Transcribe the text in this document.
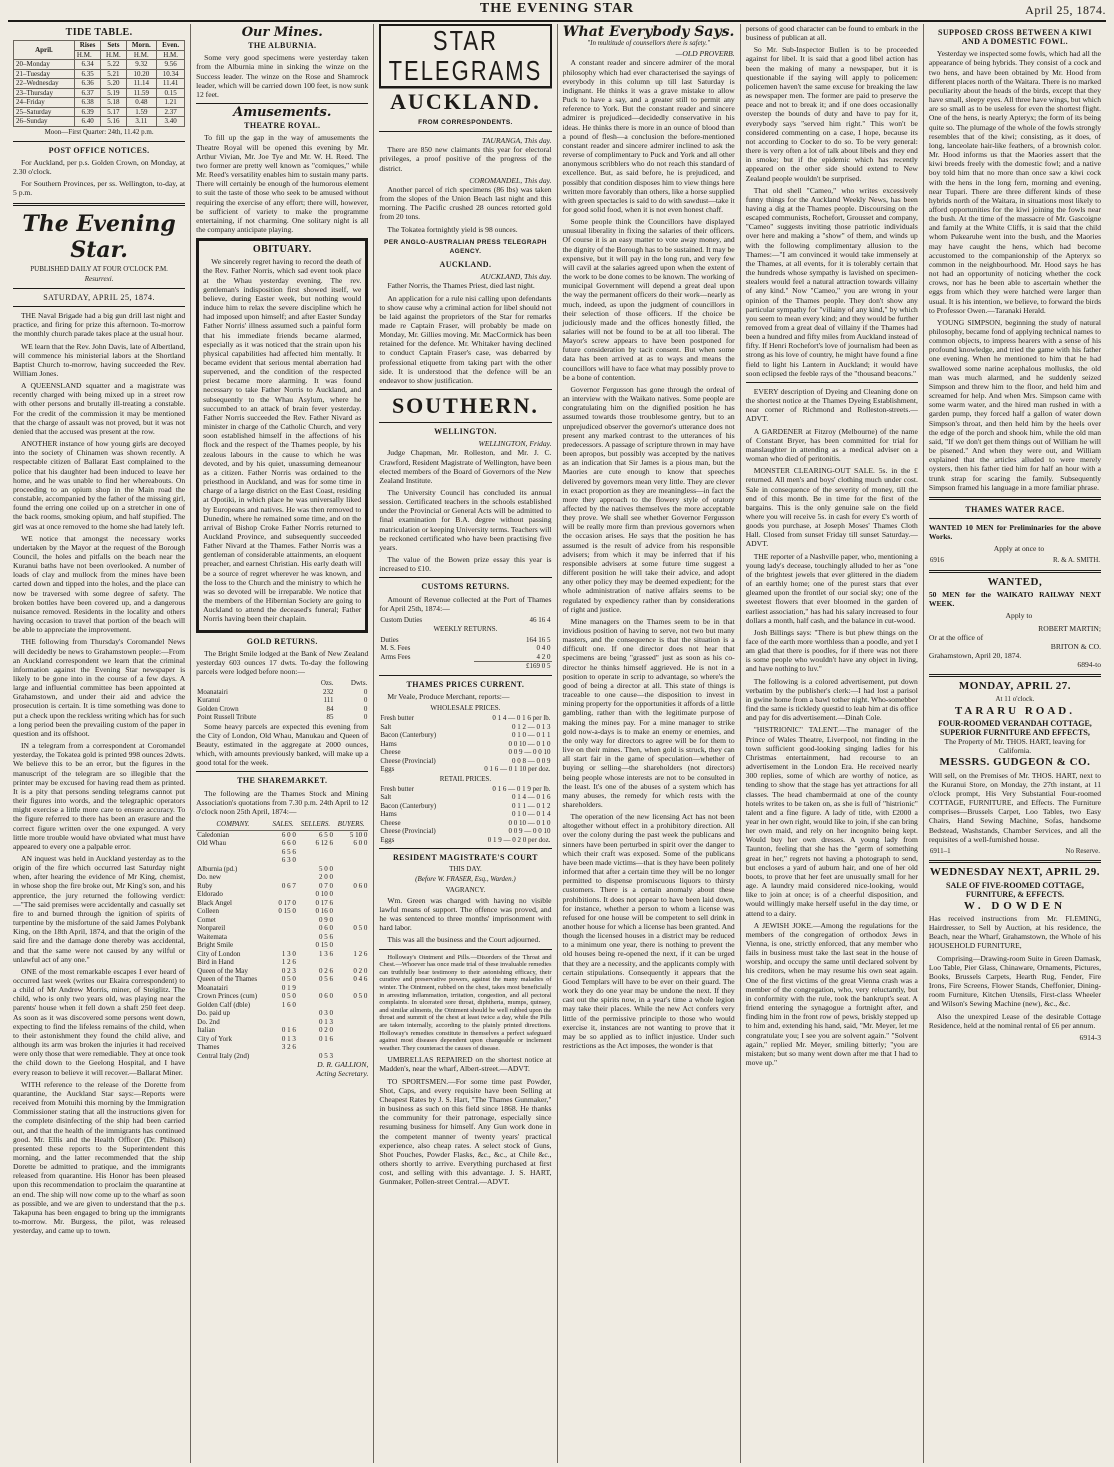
THE EVENING STAR	April 25, 1874.
TIDE TABLE.
April.	Rises	Sets	Morn.	Even.
	H.M.	H.M.	H.M.	H.M.
20–Monday	6.34	5.22	9.32	9.56
21–Tuesday	6.35	5.21	10.20	10.34
22–Wednesday	6.36	5.20	11.14	11.41
23–Thursday	6.37	5.19	11.59	0.15
24–Friday	6.38	5.18	0.48	1.21
25–Saturday	6.39	5.17	1.59	2.37
26–Sunday	6.40	5.16	3.11	3.40
Moon—First Quarter: 24th, 11.42 p.m.
POST OFFICE NOTICES.

For Auckland, per p.s. Golden Crown, on Monday, at 2.30 o'clock.

For Southern Provinces, per ss. Wellington, to-day, at 5 p.m.

The Evening Star.
PUBLISHED DAILY AT FOUR O'CLOCK P.M.
Resurrexi.
SATURDAY, APRIL 25, 1874.

THE Naval Brigade had a big gun drill last night and practice, and firing for prize this afternoon. To-morrow the monthly church parade takes place at the usual hour.

WE learn that the Rev. John Davis, late of Albertland, will commence his ministerial labors at the Shortland Baptist Church to-morrow, having succeeded the Rev. William Jones.

A QUEENSLAND squatter and a magistrate was recently charged with being mixed up in a street row with other persons and brutally ill-treating a constable. For the credit of the commission it may be mentioned that the charge of assault was not proved, but it was not denied that the accused was present at the row.

ANOTHER instance of how young girls are decoyed into the society of Chinamen was shown recently. A respectable citizen of Ballarat East complained to the police that his daughter had been induced to leave her home, and he was unable to find her whereabouts. On proceeding to an opium shop in the Main road the constable, accompanied by the father of the missing girl, found the erring one coiled up on a stretcher in one of the back rooms, smoking opium, and half stupified. The girl was at once removed to the home she had lately left.

WE notice that amongst the necessary works undertaken by the Mayor at the request of the Borough Council, the holes and pitfalls on the beach near the Kuranui baths have not been overlooked. A number of loads of clay and mullock from the mines have been carted down and tipped into the holes, and the place can now be traversed with some degree of safety. The broken bottles have been covered up, and a dangerous nuisance removed. Residents in the locality and others having occasion to travel that portion of the beach will be able to appreciate the improvement.

THE following from Thursday's Coromandel News will decidedly be news to Grahamstown people:—From an Auckland correspondent we learn that the criminal information against the Evening Star newspaper is likely to be gone into in the course of a few days. A large and influential committee has been appointed at Grahamstown, and under their aid and advice the prosecution is certain. It is time something was done to put a check upon the reckless writing which has for such a long period been the prevailing custom of the paper in question and its offshoot.

IN a telegram from a correspondent at Coromandel yesterday, the Tokatea gold is printed 998 ounces 2dwts. We believe this to be an error, but the figures in the manuscript of the telegram are so illegible that the printer may be excused for having read them as printed. It is a pity that persons sending telegrams cannot put their figures into words, and the telegraphic operators might exercise a little more care to ensure accuracy. To the figure referred to there has been an erasure and the correct figure written over the one expunged. A very little more trouble would have obviated what must have appeared to every one a palpable error.

AN inquest was held in Auckland yesterday as to the origin of the fire which occurred last Saturday night when, after hearing the evidence of Mr King, chemist, in whose shop the fire broke out, Mr King's son, and his apprentice, the jury returned the following verdict:—"The said premises were accidentally and casually set fire to and burned through the ignition of spirits of turpentine by the misfortune of the said James Polybank King, on the 18th April, 1874, and that the origin of the said fire and the damage done thereby was accidental, and that the same were not caused by any wilful or unlawful act of any one."

ONE of the most remarkable escapes I ever heard of occurred last week (writes our Ekaira correspondent) to a child of Mr Andrew Morris, miner, of Steiglitz. The child, who is only two years old, was playing near the parents' house when it fell down a shaft 250 feet deep. As soon as it was discovered some persons went down, expecting to find the lifeless remains of the child, when to their astonishment they found the child alive, and although its arm was broken the injuries it had received were only those that were remediable. They at once took the child down to the Geelong Hospital, and I have every reason to believe it will recover.—Ballarat Miner.

WITH reference to the release of the Dorette from quarantine, the Auckland Star says:—Reports were received from Motuihi this morning by the Immigration Commissioner stating that all the instructions given for the complete disinfecting of the ship had been carried out, and that the health of the immigrants has continued good. Mr. Ellis and the Health Officer (Dr. Philson) presented these reports to the Superintendent this morning, and the latter recommended that the ship Dorette be admitted to pratique, and the immigrants released from quarantine. His Honor has been pleased upon this recommendation to proclaim the quarantine at an end. The ship will now come up to the wharf as soon as possible, and we are given to understand that the p.s. Takapuna has been engaged to bring up the immigrants to-morrow. Mr. Burgess, the pilot, was released yesterday, and came up to town.

Our Mines.
THE ALBURNIA.

Some very good specimens were yesterday taken from the Alburnia mine in sinking the winze on the Success leader. The winze on the Rose and Shamrock leader, which will be carried down 100 feet, is now sunk 12 feet.

Amusements.
THEATRE ROYAL.

To fill up the gap in the way of amusements the Theatre Royal will be opened this evening by Mr. Arthur Vivian, Mr. Joe Tye and Mr. W. H. Reed. The two former are pretty well known as "comiques," while Mr. Reed's versatility enables him to sustain many parts. There will certainly be enough of the humorous element to suit the taste of those who seek to be amused without requiring the exercise of any effort; there will, however, be sufficient of variety to make the programme entertaining, if not charming. One solitary night is all the company anticipate playing.

OBITUARY.

We sincerely regret having to record the death of the Rev. Father Norris, which sad event took place at the Whau yesterday evening. The rev. gentleman's indisposition first showed itself, we believe, during Easter week, but nothing would induce him to relax the severe discipline which he had imposed upon himself; and after Easter Sunday Father Norris' illness assumed such a painful form that his immediate friends became alarmed, especially as it was noticed that the strain upon his physical capabilities had affected him mentally. It became evident that serious mental aberration had supervened, and the condition of the respected priest became more alarming. It was found necessary to take Father Norris to Auckland, and subsequently to the Whau Asylum, where he succumbed to an attack of brain fever yesterday. Father Norris succeeded the Rev. Father Nivard as minister in charge of the Catholic Church, and very soon established himself in the affections of his flock and the respect of the Thames people, by his zealous labours in the cause to which he was devoted, and by his quiet, unassuming demeanour as a citizen. Father Norris was ordained to the priesthood in Auckland, and was for some time in charge of a large district on the East Coast, residing at Opotiki, in which place he was universally liked by Europeans and natives. He was then removed to Dunedin, where he remained some time, and on the arrival of Bishop Croke Father Norris returned to Auckland Province, and subsequently succeeded Father Nivard at the Thames. Father Norris was a gentleman of considerable attainments, an eloquent preacher, and earnest Christian. His early death will be a source of regret wherever he was known, and the loss to the Church and the ministry to which he was so devoted will be irreparable. We notice that the members of the Hibernian Society are going to Auckland to attend the deceased's funeral; Father Norris having been their chaplain.

GOLD RETURNS.

The Bright Smile lodged at the Bank of New Zealand yesterday 603 ounces 17 dwts. To-day the following parcels were lodged before noon:—

	Ozs.	Dwts.
Moanatairi	232	0
Kuranui	111	0
Golden Crown	84	0
Point Russell Tribute	85	0

Some heavy parcels are expected this evening from the City of London, Old Whau, Manukau and Queen of Beauty, estimated in the aggregate at 2000 ounces, which, with amounts previously banked, will make up a good total for the week.

THE SHAREMARKET.

The following are the Thames Stock and Mining Association's quotations from 7.30 p.m. 24th April to 12 o'clock noon 25th April, 1874:—

COMPANY.	SALES.	SELLERS.	BUYERS.
Caledonian	6 0 0	6 5 0	5 10 0
Old Whau	6 6 0	6 12 6	6 0 0
	6 5 6		
	6 3 0		
Alburnia (pd.)		5 0 0	
Do. new		2 0 0	
Ruby	0 6 7	0 7 0	0 6 0
Eldorado		0 10 0	
Black Angel	0 17 0	0 17 6	
Colleen	0 15 0	0 16 0	
Comet		0 9 0	
Nonpareil		0 6 0	0 5 0
Waitemata		0 5 6	
Bright Smile		0 15 0	
City of London	1 3 0	1 3 6	1 2 6
Bird in Hand	1 2 6		
Queen of the May	0 2 3	0 2 6	0 2 0
Queen of the Thames	0 5 0	0 5 6	0 4 6
Moanatairi	0 1 9		
Crown Princes (cum)	0 5 0	0 6 0	0 5 0
Golden Calf (dble)	1 6 0		
Do. paid up		0 3 0	
Do. 2nd		0 1 3	
Italian	0 1 6	0 2 0	
City of York	0 1 3	0 1 6	
Thames	3 2 6		
Central Italy (2nd)		0 5 3	
D. R. GALLION,
Acting Secretary.
STAR TELEGRAMS
AUCKLAND.
FROM CORRESPONDENTS.
TAURANGA, This day.

There are 850 new claimants this year for electoral privileges, a proof positive of the progress of the district.

COROMANDEL, This day.

Another parcel of rich specimens (86 lbs) was taken from the slopes of the Union Beach last night and this morning. The Pacific crushed 28 ounces retorted gold from 20 tons.

The Tokatea fortnightly yield is 98 ounces.

PER ANGLO-AUSTRALIAN PRESS TELEGRAPH AGENCY.
AUCKLAND.
AUCKLAND, This day.

Father Norris, the Thames Priest, died last night.

An application for a rule nisi calling upon defendants to show cause why a criminal action for libel should not be laid against the proprietors of the Star for remarks made re Captain Fraser, will probably be made on Monday, Mr. Gillies moving. Mr. MacCormick has been retained for the defence. Mr. Whitaker having declined to conduct Captain Fraser's case, was debarred by professional etiquette from taking part with the other side. It is understood that the defence will be an endeavor to show justification.

SOUTHERN.
WELLINGTON.
WELLINGTON, Friday.

Judge Chapman, Mr. Rolleston, and Mr. J. C. Crawford, Resident Magistrate of Wellington, have been elected members of the Board of Governors of the New Zealand Institute.

The University Council has concluded its annual session. Certificated teachers in the schools established under the Provincial or General Acts will be admitted to final examination for B.A. degree without passing matriculation or keeping University terms. Teachers will be reckoned certificated who have been practising five years.

The value of the Bowen prize essay this year is increased to £10.

CUSTOMS RETURNS.

Amount of Revenue collected at the Port of Thames for April 25th, 1874:—

Custom Duties	46 16 4
WEEKLY RETURNS.
Duties	164 16 5
M. S. Fees	0 4 0
Arms Fees	4 2 0
	£169 0 5
THAMES PRICES CURRENT.

Mr Veale, Produce Merchant, reports:—

WHOLESALE PRICES.
Fresh butter	0 1 4 — 0 1 6 per lb.
Salt	0 1 2 — 0 1 3
Bacon (Canterbury)	0 1 0 — 0 1 1
Hams	0 0 10 — 0 1 0
Cheese	0 0 9 — 0 0 10
Cheese (Provincial)	0 0 8 — 0 0 9
Eggs	0 1 6 — 0 1 10 per doz.
RETAIL PRICES.
Fresh butter	0 1 6 — 0 1 9 per lb.
Salt	0 1 4 — 0 1 6
Bacon (Canterbury)	0 1 1 — 0 1 2
Hams	0 1 0 — 0 1 4
Cheese	0 0 10 — 0 1 0
Cheese (Provincial)	0 0 9 — 0 0 10
Eggs	0 1 9 — 0 2 0 per doz.
RESIDENT MAGISTRATE'S COURT
THIS DAY.
(Before W. FRASER, Esq., Warden.)
VAGRANCY.

Wm. Green was charged with having no visible lawful means of support. The offence was proved, and he was sentenced to three months' imprisonment with hard labor.

This was all the business and the Court adjourned.

Holloway's Ointment and Pills.—Disorders of the Throat and Chest.—Whoever has once made trial of these invaluable remedies can truthfully bear testimony to their astonishing efficacy, their curative and preservative powers, against the many maladies of winter. The Ointment, rubbed on the chest, takes most beneficially in arresting inflammation, irritation, congestion, and all pectoral complaints. In ulcerated sore throat, diphtheria, mumps, quinsey, and similar ailments, the Ointment should be well rubbed upon the throat and summit of the chest at least twice a day, while the Pills are taken internally, according to the plainly printed directions. Holloway's remedies constitute in themselves a perfect safeguard against most diseases dependent upon changeable or inclement weather. They counteract the causes of disease.

UMBRELLAS REPAIRED on the shortest notice at Madden's, near the wharf, Albert-street.—ADVT.

TO SPORTSMEN.—For some time past Powder, Shot, Caps, and every requisite have been Selling at Cheapest Rates by J. S. Hart, "The Thames Gunmaker," in business as such on this field since 1868. He thanks the community for their patronage, especially since resuming business for himself. Any Gun work done in the competent manner of twenty years' practical experience, also cheap rates. A select stock of Guns, Shot Pouches, Powder Flasks, &c., &c., at Chile &c., others shortly to arrive. Everything purchased at first cost, and selling with this advantage. J. S. HART, Gunmaker, Pollen-street Central.—ADVT.

What Everybody Says.
"In multitude of counsellors there is safety."
—OLD PROVERB.

A constant reader and sincere admirer of the moral philosophy which had ever characterised the sayings of everybody in this column up till last Saturday is indignant. He thinks it was a grave mistake to allow Puck to have a say, and a greater still to permit any reference to York. But the constant reader and sincere admirer is prejudiced—decidedly conservative in his ideas. He thinks there is more in an ounce of blood than a pound of flesh—a conclusion the before-mentioned constant reader and sincere admirer inclined to ask the reverse of complimentary to Puck and York and all other anonymous scribblers who do not reach this standard of excellence. But, as said before, he is prejudiced, and possibly that condition disposes him to view things here written more favorably than others, like a horse supplied with green spectacles is said to do with sawdust—take it for good solid food, when it is not even honest chaff.

Some people think the Councillors have displayed unusual liberality in fixing the salaries of their officers. Of course it is an easy matter to vote away money, and the dignity of the Borough has to be sustained. It may be expensive, but it will pay in the long run, and very few will cavil at the salaries agreed upon when the extent of the work to be done comes to be known. The working of municipal Government will depend a great deal upon the way the permanent officers do their work—nearly as much, indeed, as upon the judgment of councillors in their selection of those officers. If the choice be judiciously made and the offices honestly filled, the salaries will not be found to be at all too liberal. The Mayor's screw appears to have been postponed for future consideration by tacit consent. But when some data has been arrived at as to ways and means the councillors will have to face what may possibly prove to be a bone of contention.

Governor Fergusson has gone through the ordeal of an interview with the Waikato natives. Some people are congratulating him on the dignified position he has assumed towards those troublesome gentry, but to an unprejudiced observer the governor's utterance does not present any marked contrast to the utterances of his predecessors. A passage of scripture thrown in may have been apropos, but possibly was accepted by the natives as an indication that Sir James is a pious man, but the Maories are cute enough to know that speeches delivered by governors mean very little. They are clever in exact proportion as they are meaningless—in fact the more they approach to the flowery style of oratory affected by the natives themselves the more acceptable they prove. We shall see whether Governor Fergusson will be really more firm than previous governors when the occasion arises. He says that the position he has assumed is the result of advice from his responsible advisers; from which it may be inferred that if his responsible advisers at some future time suggest a different position he will take their advice, and adopt any other policy they may be deemed expedient; for the whole administration of native affairs seems to be regulated by expediency rather than by considerations of right and justice.

Mine managers on the Thames seem to be in that invidious position of having to serve, not two but many masters, and the consequence is that the situation is a difficult one. If one director does not hear that specimens are being "grassed" just as soon as his co-director he thinks himself aggrieved. He is not in a position to operate in scrip to advantage, so where's the good of being a director at all. This state of things is traceable to one cause—the disposition to invest in mining property for the opportunities it affords of a little gambling, rather than with the legitimate purpose of making the mines pay. For a mine manager to strike gold now-a-days is to make an enemy or enemies, and the only way for directors to agree will be for them to live on their mines. Then, when gold is struck, they can all start fair in the game of speculation—whether of buying or selling—the shareholders (not directors) being people whose interests are not to be consulted in the least. It's one of the abuses of a system which has many abuses, the remedy for which rests with the shareholders.

The operation of the new licensing Act has not been altogether without effect in a prohibitory direction. All over the colony during the past week the publicans and sinners have been perturbed in spirit over the danger to which their craft was exposed. Some of the publicans have been made victims—that is they have been politely informed that after a certain time they will be no longer permitted to dispense promiscuous liquors to thirsty customers. There is a certain anomaly about these prohibitions. It does not appear to have been laid down, for instance, whether a person to whom a license was refused for one house will be competent to sell drink in another house for which a license has been granted. And though the licensed houses in a district may be reduced to a minimum one year, there is nothing to prevent the old houses being re-opened the next, if it can be urged that they are a necessity, and the applicants comply with certain stipulations. Consequently it appears that the Good Templars will have to be ever on their guard. The work they do one year may be undone the next. If they cast out the spirits now, in a year's time a whole legion may take their places. While the new Act confers very little of the permissive principle to those who would exercise it, instances are not wanting to prove that it may be so applied as to inflict injustice. Under such restrictions as the Act imposes, the wonder is that

persons of good character can be found to embark in the business of publican at all.

So Mr. Sub-Inspector Bullen is to be proceeded against for libel. It is said that a good libel action has been the making of many a newspaper, but it is questionable if the saying will apply to policemen: policemen haven't the same excuse for breaking the law as newspaper men. The former are paid to preserve the peace and not to break it; and if one does occasionally overstep the bounds of duty and have to pay for it, everybody says "served him right." This won't be considered commenting on a case, I hope, because its not according to Cocker to do so. To be very general: there is very often a lot of talk about libels and they end in smoke; but if the epidemic which has recently appeared on the other side should extend to New Zealand people wouldn't be surprised.

That old shell "Cameo," who writes excessively funny things for the Auckland Weekly News, has been having a dig at the Thames people. Discoursing on the escaped communists, Rochefort, Grousset and company, "Cameo" suggests inviting those patriotic individuals over here and making a "show" of them, and winds up with the following complimentary allusion to the Thames:—"I am convinced it would take immensely at the Thames, at all events, for it is tolerably certain that the hundreds whose sympathy is lavished on specimen-stealers would feel a natural attraction towards villainy of any kind." Now "Cameo," you are wrong in your opinion of the Thames people. They don't show any particular sympathy for "villainy of any kind," by which you seem to mean every kind; and they would be further removed from a great deal of villainy if the Thames had been a hundred and fifty miles from Auckland instead of fifty. If Henri Rochefort's love of journalism had been as strong as his love of country, he might have found a fine field to light his Lantern in Auckland; it would have soon eclipsed the feeble rays of the "thousand beacons."

EVERY description of Dyeing and Cleaning done on the shortest notice at the Thames Dyeing Establishment, near corner of Richmond and Rolleston-streets.—ADVT.

A GARDENER at Fitzroy (Melbourne) of the name of Constant Bryer, has been committed for trial for manslaughter in attending as a medical adviser on a woman who died of peritonitis.

MONSTER CLEARING-OUT SALE. 5s. in the £ returned. All men's and boys' clothing much under cost. Sale in consequence of the severity of money, till the end of this month. Be in time for the first of the bargains. This is the only genuine sale on the field where you will receive 5s. in cash for every £'s worth of goods you purchase, at Joseph Moses' Thames Cloth Hall. Closed from sunset Friday till sunset Saturday.—ADVT.

THE reporter of a Nashville paper, who, mentioning a young lady's decease, touchingly alluded to her as "one of the brightest jewels that ever glittered in the diadem of an earthly home; one of the purest stars that ever gleamed upon the frontlet of our social sky; one of the sweetest flowers that ever bloomed in the garden of earliest association," has had his salary increased to four dollars a month, half cash, and the balance in cut-wood.

Josh Billings says: "There is but phew things on the face of the earth more worthless than a poodle, and yet I am glad that there is poodles, for if there was not there is some people who wouldn't have any object in living, and have nothing to luv."

The following is a colored advertisement, put down verbatim by the publisher's clerk:—I had lost a parisol in gwine home from a bawl tother night. Who-somebber find the same is tickledy questid to leab him at dis office and pay for dis advertisement.—Dinah Cole.

"HISTRIONIC" TALENT.—The manager of the Prince of Wales Theatre, Liverpool, not finding in the town sufficient good-looking singing ladies for his Christmas entertainment, had recourse to an advertisement in the London Era. He received nearly 300 replies, some of which are worthy of notice, as tending to show that the stage has yet attractions for all classes. The head chambermaid at one of the county hotels writes to be taken on, as she is full of "histrionic" talent and a fine figure. A lady of title, with £2000 a year in her own right, would like to join, if she can bring her own maid, and rely on her incognito being kept. Would buy her own dresses. A young lady from Taunton, feeling that she has the "germ of something great in her," regrets not having a photograph to send, but encloses a yard of auburn hair, and one of her old boots, to prove that her feet are unusually small for her age. A laundry maid considered nice-looking, would like to join at once; is of a cheerful disposition, and would willingly make herself useful in the day time, or attend to a dairy.

A JEWISH JOKE.—Among the regulations for the members of the congregation of orthodox Jews in Vienna, is one, strictly enforced, that any member who fails in business must take the last seat in the house of worship, and occupy the same until declared solvent by his creditors, when he may resume his own seat again. One of the first victims of the great Vienna crash was a member of the congregation, who, very reluctantly, but in conformity with the rule, took the bankrupt's seat. A friend entering the synagogue a fortnight after, and finding him in the front row of pews, briskly stepped up to him and, extending his hand, said, "Mr. Meyer, let me congratulate you; I see you are solvent again." "Solvent again," replied Mr. Meyer, smiling bitterly; "you are mistaken; but so many went down after me that I had to move up."

SUPPOSED CROSS BETWEEN A KIWI AND A DOMESTIC FOWL.

Yesterday we inspected some fowls, which had all the appearance of being hybrids. They consist of a cock and two hens, and have been obtained by Mr. Hood from different places north of the Waitara. There is no marked peculiarity about the heads of the birds, except that they have small, sleepy eyes. All three have wings, but which are so small as to be useless for even the shortest flight. One of the hens, is nearly Apteryx; the form of its being quite so. The plumage of the whole of the fowls strongly resembles that of the kiwi; consisting, as it does, of long, lanceolate hair-like feathers, of a brownish color. Mr. Hood informs us that the Maories assert that the kiwi breeds freely with the domestic fowl; and a native boy told him that no more than once saw a kiwi cock with the hens in the long fern, morning and evening, near Tupari. There are three different kinds of these hybrids north of the Waitara, in situations most likely to afford opportunities for the kiwi joining the fowls near the bush. At the time of the massacre of Mr. Gascoigne and family at the White Cliffs, it is said that the child whom Pukearuhe went into the bush, and the Maories may have caught the hens, which had become accustomed to the companionship of the Apteryx so common in the neighbourhood. Mr. Hood says he has not had an opportunity of noticing whether the cock crows, nor has he been able to ascertain whether the eggs from which they were hatched were larger than usual. It is his intention, we believe, to forward the birds to Professor Owen.—Taranaki Herald.

YOUNG SIMPSON, beginning the study of natural philosophy, became fond of applying technical names to common objects, to impress hearers with a sense of his profound knowledge, and tried the game with his father one evening. When he mentioned to him that he had swallowed some narine acephalous mollusks, the old man was much alarmed, and he suddenly seized Simpson and threw him to the floor, and held him and screamed for help. And when Mrs. Simpson came with some warm water, and the hired man rushed in with a garden pump, they forced half a gallon of water down Simpson's throat, and then held him by the heels over the edge of the porch and shook him, while the old man said, "If we don't get them things out of William he will be pisened." And when they were out, and William explained that the articles alluded to were merely oysters, then his father tied him for half an hour with a trunk strap for scaring the family. Subsequently Simpson framed his language in a more familiar phrase.

THAMES WATER RACE.

WANTED 10 MEN for Preliminaries for the above Works.

Apply at once to

6916	R. & A. SMITH.
WANTED,

50 MEN for the WAIKATO RAILWAY NEXT WEEK.

Apply to

ROBERT MARTIN;
Or at the office of
BRITON & CO.
Grahamstown, April 20, 1874.
6894-to
MONDAY, APRIL 27.
At 11 o'clock.
TARARU ROAD.
FOUR-ROOMED VERANDAH COTTAGE, SUPERIOR FURNITURE AND EFFECTS,
The Property of Mr. THOS. HART, leaving for California.
MESSRS. GUDGEON & CO.

Will sell, on the Premises of Mr. THOS. HART, next to the Kuranui Store, on Monday, the 27th instant, at 11 o'clock prompt, His Very Substantial Four-roomed COTTAGE, FURNITURE, and Effects. The Furniture comprises—Brussels Carpet, Loo Tables, two Easy Chairs, Hand Sewing Machine, Sofas, handsome Bedstead, Washstands, Chamber Services, and all the requisites of a well-furnished house.

6911–1	No Reserve.
WEDNESDAY NEXT, APRIL 29.
SALE OF FIVE-ROOMED COTTAGE, FURNITURE, & EFFECTS.
W. DOWDEN

Has received instructions from Mr. FLEMING, Hairdresser, to Sell by Auction, at his residence, the Beach, near the Wharf, Grahamstown, the Whole of his HOUSEHOLD FURNITURE,

Comprising—Drawing-room Suite in Green Damask, Loo Table, Pier Glass, Chinaware, Ornaments, Pictures, Books, Brussels Carpets, Hearth Rug, Fender, Fire Irons, Fire Screens, Flower Stands, Cheffonier, Dining-room Furniture, Kitchen Utensils, First-class Wheeler and Wilson's Sewing Machine (new), &c., &c.

Also the unexpired Lease of the desirable Cottage Residence, held at the nominal rental of £6 per annum.

6914-3
